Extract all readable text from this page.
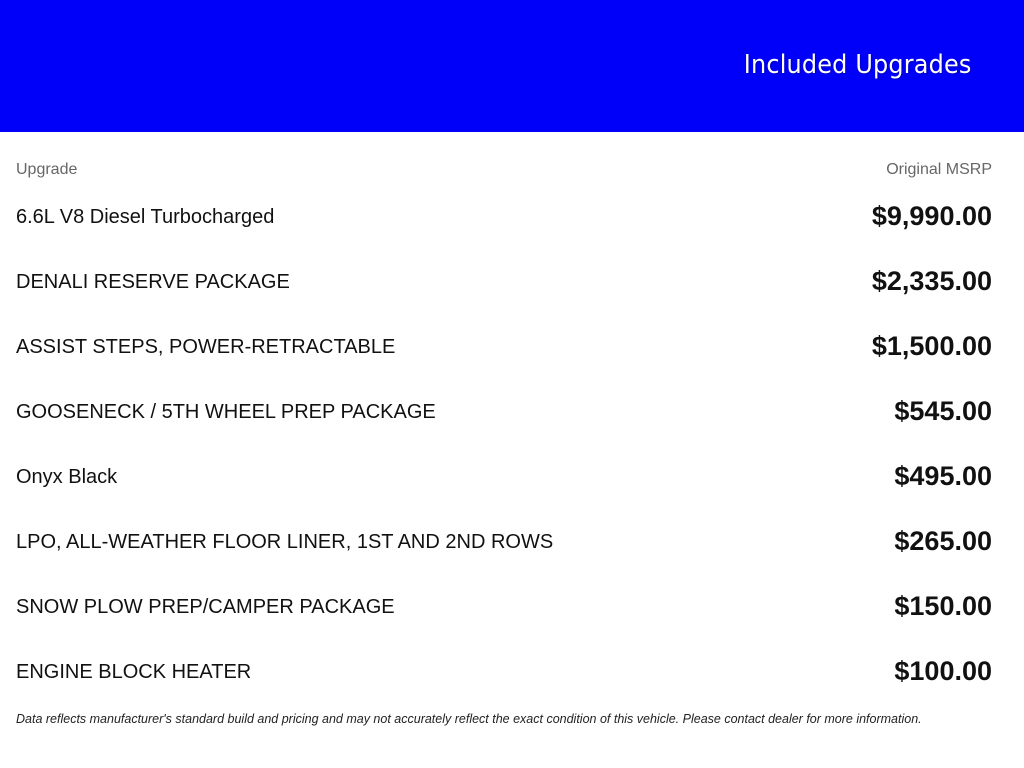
Included Upgrades
Upgrade	Original MSRP
6.6L V8 Diesel Turbocharged	$9,990.00
DENALI RESERVE PACKAGE	$2,335.00
ASSIST STEPS, POWER-RETRACTABLE	$1,500.00
GOOSENECK / 5TH WHEEL PREP PACKAGE	$545.00
Onyx Black	$495.00
LPO, ALL-WEATHER FLOOR LINER, 1ST AND 2ND ROWS	$265.00
SNOW PLOW PREP/CAMPER PACKAGE	$150.00
ENGINE BLOCK HEATER	$100.00
Data reflects manufacturer's standard build and pricing and may not accurately reflect the exact condition of this vehicle. Please contact dealer for more information.
